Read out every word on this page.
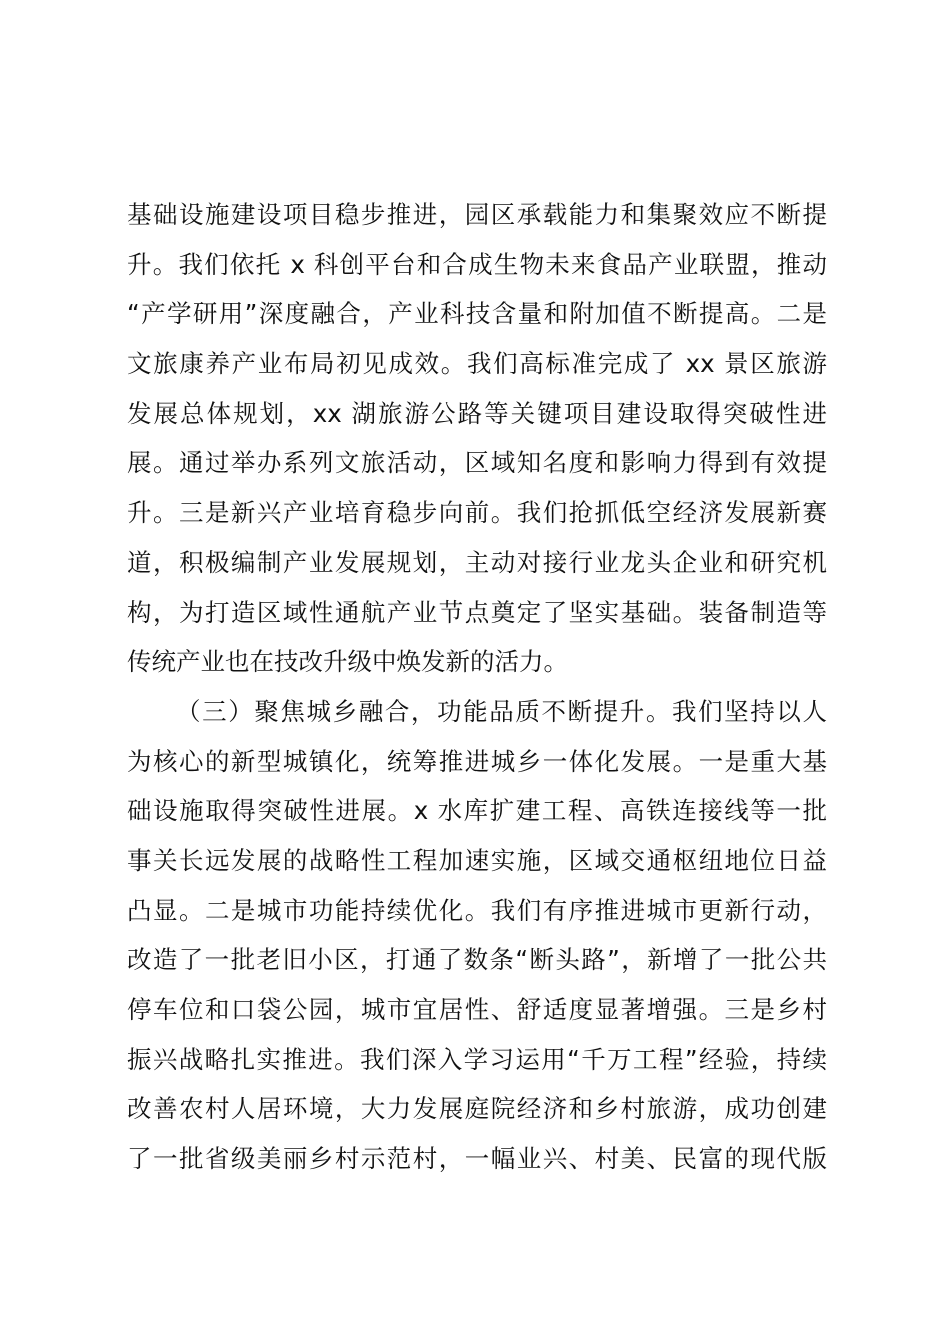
基础设施建设项目稳步推进，园区承载能力和集聚效应不断提
升。我们依托 x 科创平台和合成生物未来食品产业联盟，推动
“产学研用”深度融合，产业科技含量和附加值不断提高。二是
文旅康养产业布局初见成效。我们高标准完成了 xx 景区旅游
发展总体规划，xx 湖旅游公路等关键项目建设取得突破性进
展。通过举办系列文旅活动，区域知名度和影响力得到有效提
升。三是新兴产业培育稳步向前。我们抢抓低空经济发展新赛
道，积极编制产业发展规划，主动对接行业龙头企业和研究机
构，为打造区域性通航产业节点奠定了坚实基础。装备制造等
传统产业也在技改升级中焕发新的活力。
（三）聚焦城乡融合，功能品质不断提升。我们坚持以人
为核心的新型城镇化，统筹推进城乡一体化发展。一是重大基
础设施取得突破性进展。x 水库扩建工程、高铁连接线等一批
事关长远发展的战略性工程加速实施，区域交通枢纽地位日益
凸显。二是城市功能持续优化。我们有序推进城市更新行动，
改造了一批老旧小区，打通了数条“断头路”，新增了一批公共
停车位和口袋公园，城市宜居性、舒适度显著增强。三是乡村
振兴战略扎实推进。我们深入学习运用“千万工程”经验，持续
改善农村人居环境，大力发展庭院经济和乡村旅游，成功创建
了一批省级美丽乡村示范村，一幅业兴、村美、民富的现代版
